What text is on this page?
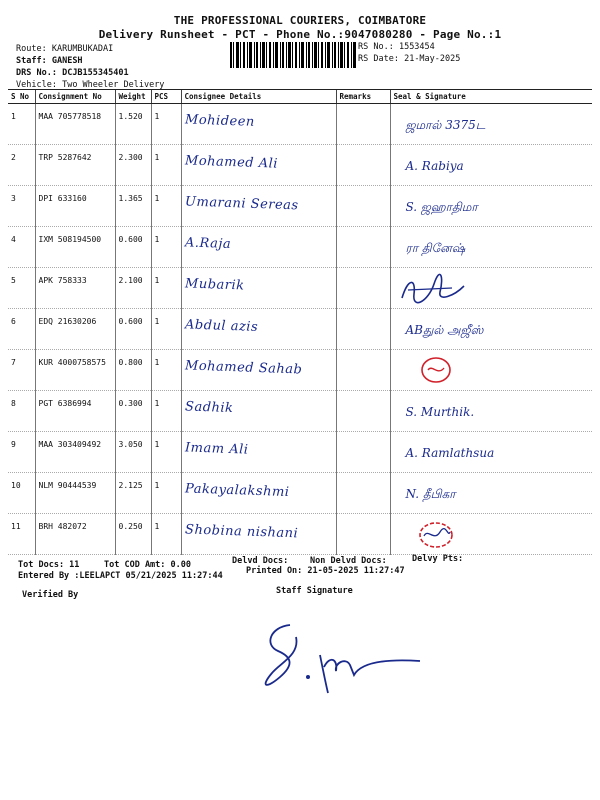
THE PROFESSIONAL COURIERS, COIMBATORE
Delivery Runsheet - PCT - Phone No.:9047080280 - Page No.:1
Route: KARUMBUKADAI
Staff: GANESH
DRS No.: DCJB155345401
Vehicle: Two Wheeler Delivery
RS No.: 1553454
RS Date: 21-May-2025
S No	Consignment No	Weight	PCS	Consignee Details	Remarks	Seal & Signature
1	MAA 705778518	1.520	1	Mohideen		ஜமால் 3375ட

2	TRP 5287642	2.300	1	Mohamed Ali		A. Rabiya

3	DPI 633160	1.365	1	Umarani Sereas		S. ஜஹாதிமா

4	IXM 508194500	0.600	1	A.Raja		ரா தினேஷ்

5	APK 758333	2.100	1	Mubarik

6	EDQ 21630206	0.600	1	Abdul azis		ABதுல் அஜீஸ்

7	KUR 4000758575	0.800	1	Mohamed Sahab

8	PGT 6386994	0.300	1	Sadhik		S. Murthik.

9	MAA 303409492	3.050	1	Imam Ali		A. Ramlathsua

10	NLM 90444539	2.125	1	Pakayalakshmi		N. தீபிகா

11	BRH 482072	0.250	1	Shobina nishani

Tot Docs: 11	Tot COD Amt: 0.00	Delvd Docs:	Non Delvd Docs:	Delvy Pts:
Entered By :LEELAPCT 05/21/2025 11:27:44	Printed On: 21-05-2025 11:27:47
Verified By	Staff Signature
